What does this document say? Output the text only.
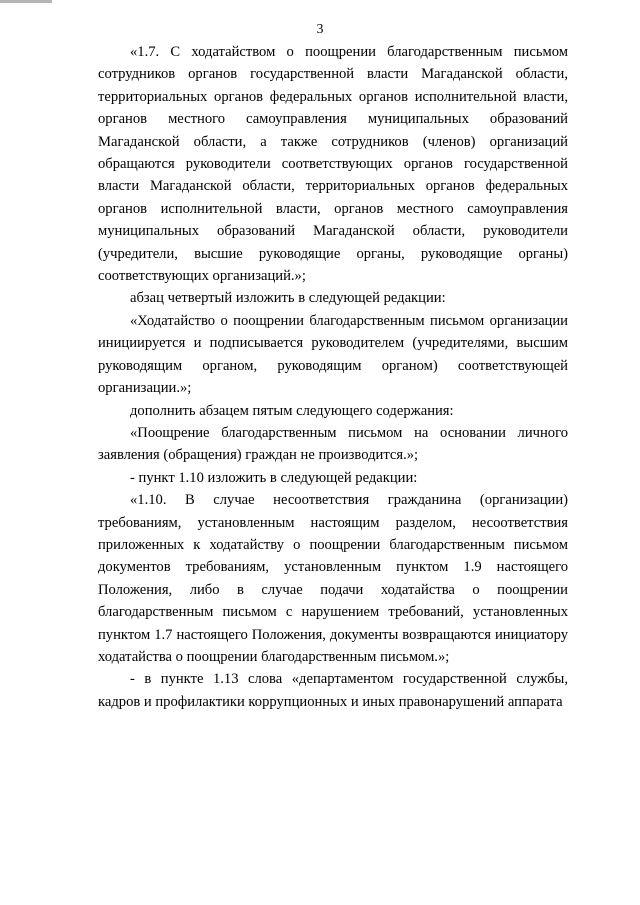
3

«1.7. С ходатайством о поощрении благодарственным письмом сотрудников органов государственной власти Магаданской области, территориальных органов федеральных органов исполнительной власти, органов местного самоуправления муниципальных образований Магаданской области, а также сотрудников (членов) организаций обращаются руководители соответствующих органов государственной власти Магаданской области, территориальных органов федеральных органов исполнительной власти, органов местного самоуправления муниципальных образований Магаданской области, руководители (учредители, высшие руководящие органы, руководящие органы) соответствующих организаций.»;

абзац четвертый изложить в следующей редакции:

«Ходатайство о поощрении благодарственным письмом организации инициируется и подписывается руководителем (учредителями, высшим руководящим органом, руководящим органом) соответствующей организации.»;

дополнить абзацем пятым следующего содержания:

«Поощрение благодарственным письмом на основании личного заявления (обращения) граждан не производится.»;

- пункт 1.10 изложить в следующей редакции:

«1.10. В случае несоответствия гражданина (организации) требованиям, установленным настоящим разделом, несоответствия приложенных к ходатайству о поощрении благодарственным письмом документов требованиям, установленным пунктом 1.9 настоящего Положения, либо в случае подачи ходатайства о поощрении благодарственным письмом с нарушением требований, установленных пунктом 1.7 настоящего Положения, документы возвращаются инициатору ходатайства о поощрении благодарственным письмом.»;

- в пункте 1.13 слова «департаментом государственной службы, кадров и профилактики коррупционных и иных правонарушений аппарата
